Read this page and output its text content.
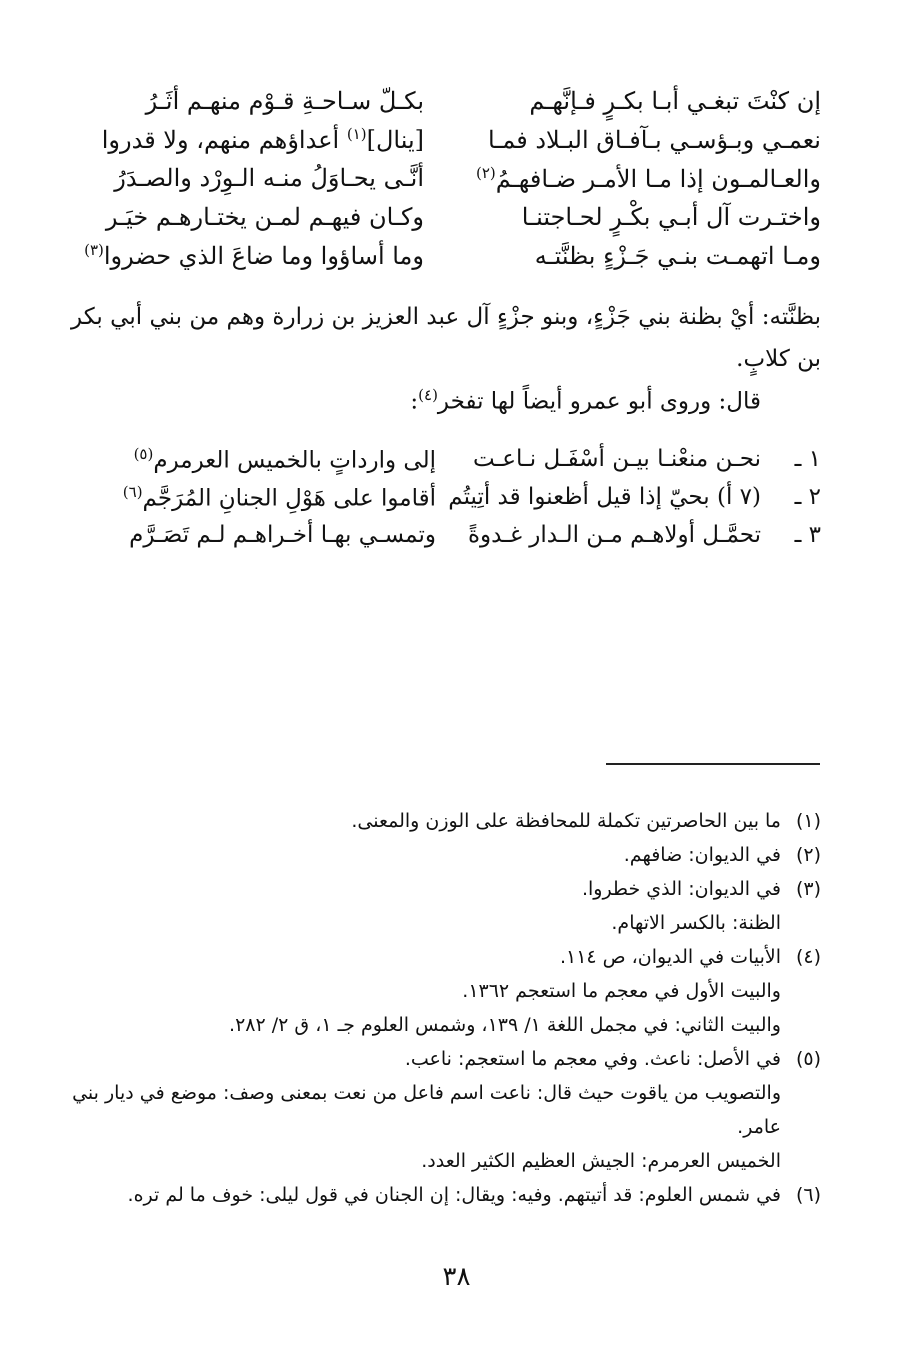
إن كنْتَ تبغـي أبـا بكـرٍ فـإنَّهـم
بكـلّ سـاحـةِ قـوْم منهـم أثَـرُ
نعمـي وبـؤسـي بـآفـاق البـلاد فمـا
[ينال]$^{(١)}$ أعداؤهم منهم، ولا قدروا
والعـالمـون إذا مـا الأمـر ضـافهـمُ$^{(٢)}$
أنَّـى يحـاوَلُ منـه الـوِرْد والصـدَرُ
واختـرت آل أبـي بكْـرٍ لحـاجتنـا
وكـان فيهـم لمـن يختـارهـم خيَـر
ومـا اتهمـت بنـي جَـزْءٍ بظنَّتـه
وما أساؤوا وما ضاعَ الذي حضروا$^{(٣)}$
بظنَّته: أيْ بظنة بني جَزْءٍ، وبنو جزْءٍ آل عبد العزيز بن زرارة وهم من بني أبي بكر بن كلابٍ.
قال: وروى أبو عمرو أيضاً لها تفخر$^{(٤)}$:
١ ـ
نحـن منعْنـا بيـن أسْفَـل نـاعـت
إلى وارداتٍ بالخميس العرمرم$^{(٥)}$
٢ ـ
(٧ أ) بحيّ إذا قيل أظعنوا قد أتِيتُم
أقاموا على هَوْلِ الجنانِ المُرَجَّم$^{(٦)}$
٣ ـ
تحمَّـل أولاهـم مـن الـدار غـدوةً
وتمسـي بهـا أخـراهـم لـم تَصَـرَّم
(١)ما بين الحاصرتين تكملة للمحافظة على الوزن والمعنى.
(٢)في الديوان: ضافهم.
(٣)في الديوان: الذي خطروا.
الظنة: بالكسر الاتهام.
(٤)الأبيات في الديوان، ص ١١٤.
والبيت الأول في معجم ما استعجم ١٣٦٢.
والبيت الثاني: في مجمل اللغة ١/ ١٣٩، وشمس العلوم جـ ١، ق ٢/ ٢٨٢.
(٥)في الأصل: ناعث. وفي معجم ما استعجم: ناعب.
والتصويب من ياقوت حيث قال: ناعت اسم فاعل من نعت بمعنى وصف: موضع في ديار بني عامر.
الخميس العرمرم: الجيش العظيم الكثير العدد.
(٦)في شمس العلوم: قد أتيتهم. وفيه: ويقال: إن الجنان في قول ليلى: خوف ما لم تره.
٣٨
